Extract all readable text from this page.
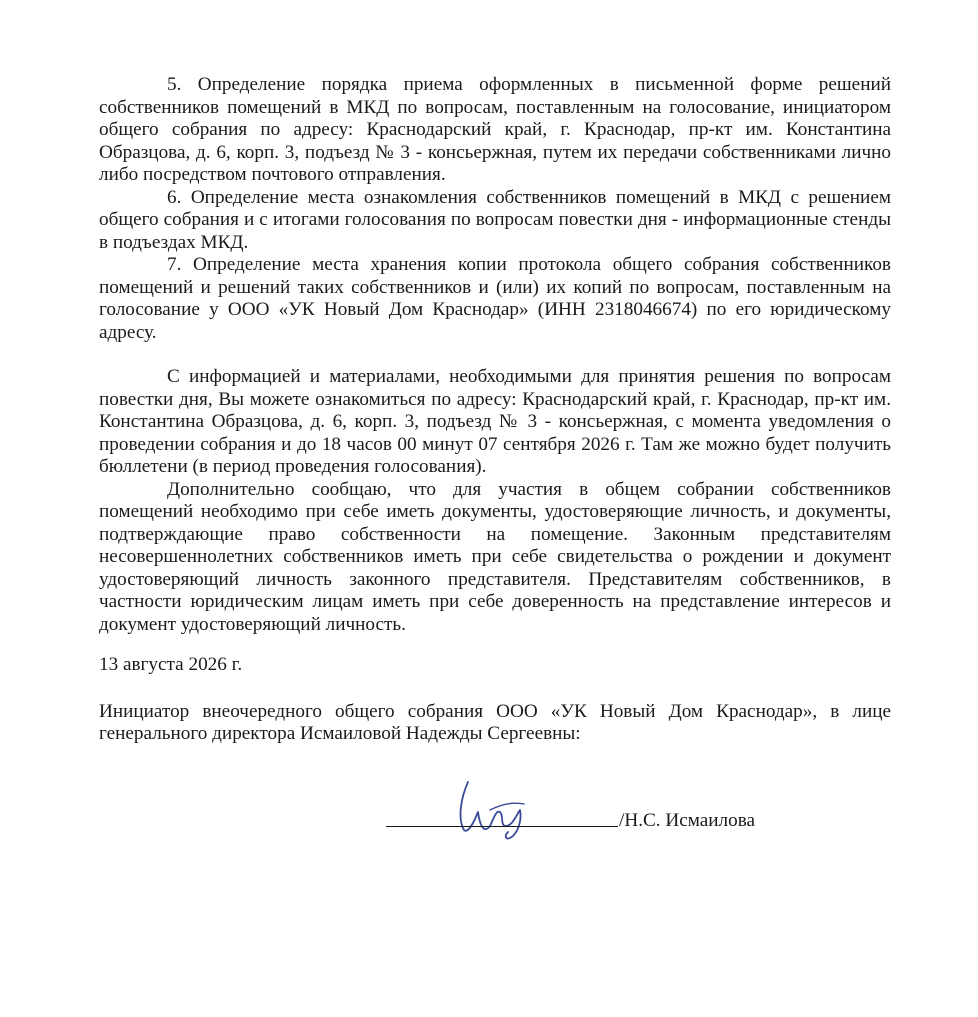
5. Определение порядка приема оформленных в письменной форме решений собственников помещений в МКД по вопросам, поставленным на голосование, инициатором общего собрания по адресу: Краснодарский край, г. Краснодар, пр-кт им. Константина Образцова, д. 6, корп. 3, подъезд № 3 - консьержная, путем их передачи собственниками лично либо посредством почтового отправления.

6. Определение места ознакомления собственников помещений в МКД с решением общего собрания и с итогами голосования по вопросам повестки дня - информационные стенды в подъездах МКД.

7. Определение места хранения копии протокола общего собрания собственников помещений и решений таких собственников и (или) их копий по вопросам, поставленным на голосование у ООО «УК Новый Дом Краснодар» (ИНН 2318046674) по его юридическому адресу.

С информацией и материалами, необходимыми для принятия решения по вопросам повестки дня, Вы можете ознакомиться по адресу: Краснодарский край, г. Краснодар, пр-кт им. Константина Образцова, д. 6, корп. 3, подъезд № 3 - консьержная, с момента уведомления о проведении собрания и до 18 часов 00 минут 07 сентября 2026 г. Там же можно будет получить бюллетени (в период проведения голосования).

Дополнительно сообщаю, что для участия в общем собрании собственников помещений необходимо при себе иметь документы, удостоверяющие личность, и документы, подтверждающие право собственности на помещение. Законным представителям несовершеннолетних собственников иметь при себе свидетельства о рождении и документ удостоверяющий личность законного представителя. Представителям собственников, в частности юридическим лицам иметь при себе доверенность на представление интересов и документ удостоверяющий личность.

13 августа 2026 г.

Инициатор внеочередного общего собрания ООО «УК Новый Дом Краснодар», в лице генерального директора Исмаиловой Надежды Сергеевны:

/Н.С. Исмаилова
